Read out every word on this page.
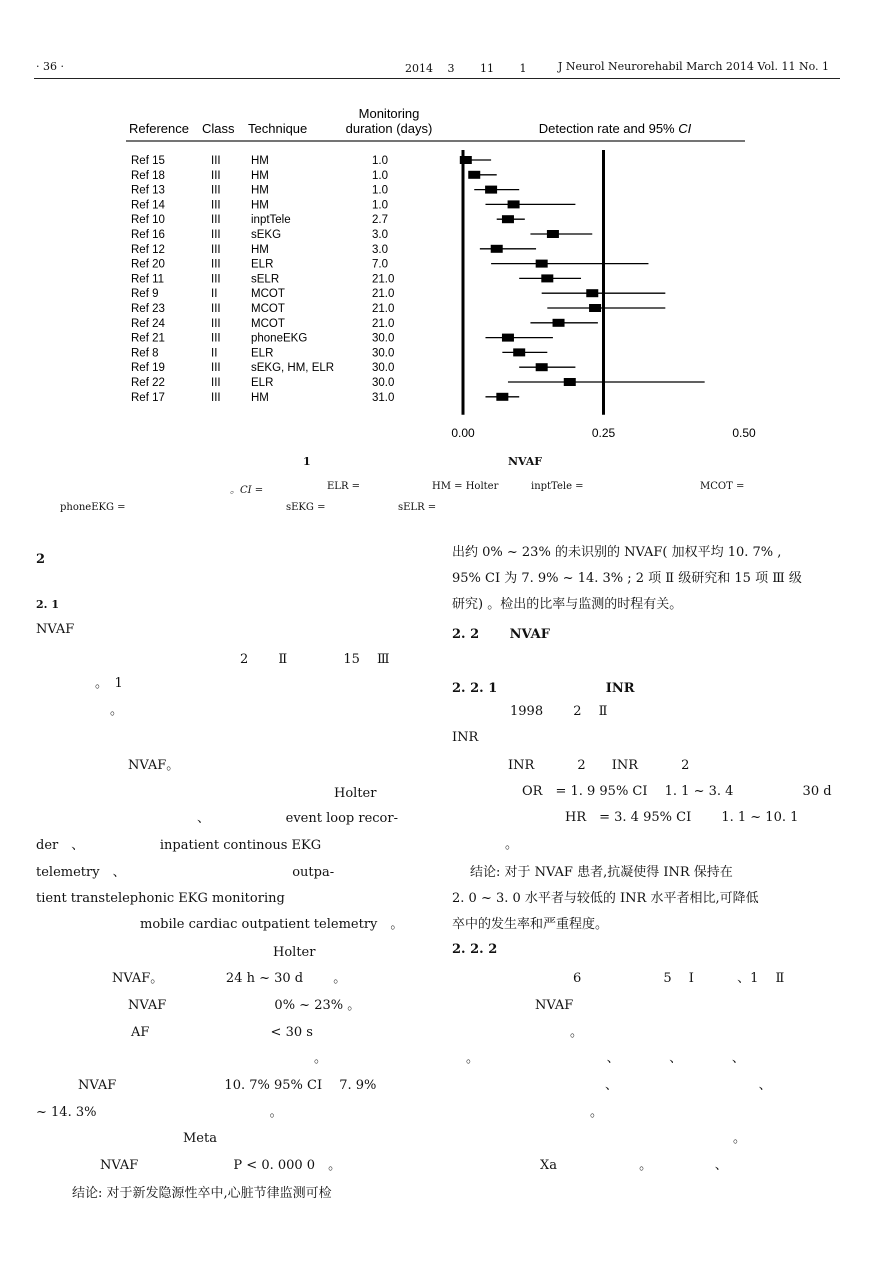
· 36 ·	2014　 3　　 11　　 1	J Neurol Neurorehabil March 2014 Vol. 11 No. 1
Reference Class Technique
Monitoring
duration (days)	Detection rate and 95% CI
Ref 15	III	HM	1.0
Ref 18	III	HM	1.0
Ref 13	III	HM	1.0
Ref 14	III	HM	1.0
Ref 10	III	inptTele	2.7
Ref 16	III	sEKG	3.0
Ref 12	III	HM	3.0
Ref 20	III	ELR	7.0
Ref 11	III	sELR	21.0
Ref 9	II	MCOT	21.0
Ref 23	III	MCOT	21.0
Ref 24	III	MCOT	21.0
Ref 21	III	phoneEKG	30.0
Ref 8	II	ELR	30.0
Ref 19	III	sEKG, HM, ELR	30.0
Ref 22	III	ELR	30.0
Ref 17	III	HM	31.0
0.00	0.25	0.50
1	NVAF
。CI =	ELR =	HM = Holter	inptTele =	MCOT =
phoneEKG =	sEKG =	sELR =
2
2. 1
NVAF
2　　 Ⅱ　　　　 15　 Ⅲ
。　1
。
NVAF。
Holter
、　　　　　　 event loop recor-
der　、　　　　　　 inpatient continous EKG
telemetry　、　　　　　　　　　　　　　 outpa-
tient transtelephonic EKG monitoring
mobile cardiac outpatient telemetry　。
Holter
NVAF。　　　　　 24 h ~ 30 d　　 。
NVAF　　　　　　　　 0% ~ 23% 。
AF　　　　　　　　　 < 30 s
。
NVAF　　　　　　　　 10. 7% 95% CI　 7. 9%
~ 14. 3%　　　　　　　　　　　　　 。
Meta
NVAF　　　　　　　 P < 0. 000 0　。
结论: 对于新发隐源性卒中,心脏节律监测可检
出约 0% ~ 23% 的未识别的 NVAF( 加权平均 10. 7% ,
95% CI 为 7. 9% ~ 14. 3% ; 2 项 Ⅱ 级研究和 15 项 Ⅲ 级
研究) 。检出的比率与监测的时程有关。
2. 2　　 NVAF
2. 2. 1　　　　　　　　 INR
1998　　 2　 Ⅱ
INR
INR　　　 2　　INR　　　 2
OR　= 1. 9 95% CI　 1. 1 ~ 3. 4　　　　　 30 d
HR　= 3. 4 95% CI　　 1. 1 ~ 10. 1
。
结论: 对于 NVAF 患者,抗凝使得 INR 保持在
2. 0 ~ 3. 0 水平者与较低的 INR 水平者相比,可降低
卒中的发生率和严重程度。
2. 2. 2
6　　　　　　 5　 Ⅰ　　　 、1　 Ⅱ
NVAF
。
。　　　　　　　　　　 、　　　　 、　　　　 、
、　　　　　　　　　　　 、
。
。
Xa　　　　　　 。　　　　　 、
